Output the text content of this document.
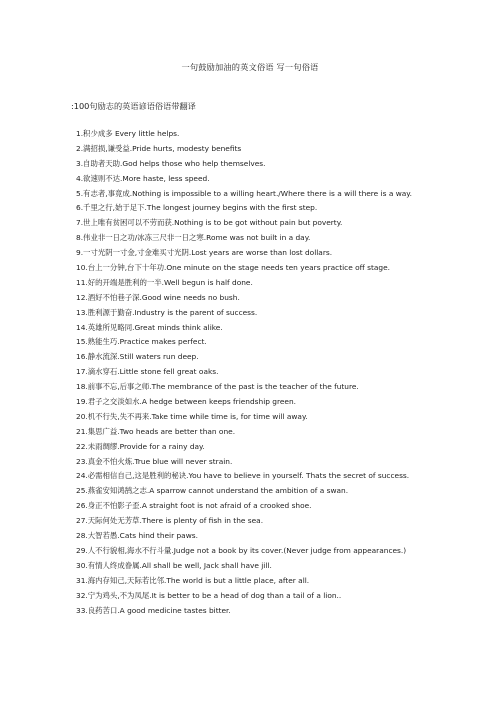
一句鼓励加油的英文俗语 写一句俗语
:100句励志的英语谚语俗语带翻译
1.积少成多 Every little helps.
2.满招损,谦受益.Pride hurts, modesty benefits
3.自助者天助.God helps those who help themselves.
4.欲速则不达.More haste, less speed.
5.有志者,事竟成.Nothing is impossible to a willing heart./Where there is a will there is a way.
6.千里之行,始于足下.The longest journey begins with the first step.
7.世上唯有贫困可以不劳而获.Nothing is to be got without pain but poverty.
8.伟业非一日之功/冰冻三尺非一日之寒.Rome was not built in a day.
9.一寸光阴一寸金,寸金难买寸光阴.Lost years are worse than lost dollars.
10.台上一分钟,台下十年功.One minute on the stage needs ten years practice off stage.
11.好的开端是胜利的一半.Well begun is half done.
12.酒好不怕巷子深.Good wine needs no bush.
13.胜利源于勤奋.Industry is the parent of success.
14.英雄所见略同.Great minds think alike.
15.熟能生巧.Practice makes perfect.
16.静水流深.Still waters run deep.
17.滴水穿石.Little stone fell great oaks.
18.前事不忘,后事之师.The membrance of the past is the teacher of the future.
19.君子之交淡如水.A hedge between keeps friendship green.
20.机不行失,失不再来.Take time while time is, for time will away.
21.集思广益.Two heads are better than one.
22.未雨绸缪.Provide for a rainy day.
23.真金不怕火炼.True blue will never strain.
24.必需相信自己,这是胜利的秘诀.You have to believe in yourself. Thats the secret of success.
25.燕雀安知鸿鹄之志.A sparrow cannot understand the ambition of a swan.
26.身正不怕影子歪.A straight foot is not afraid of a crooked shoe.
27.天际何处无芳草.There is plenty of fish in the sea.
28.大智若愚.Cats hind their paws.
29.人不行貌相,海水不行斗量.Judge not a book by its cover.(Never judge from appearances.)
30.有情人终成眷属.All shall be well, Jack shall have jill.
31.海内存知己,天际若比邻.The world is but a little place, after all.
32.宁为鸡头,不为凤尾.It is better to be a head of dog than a tail of a lion..
33.良药苦口.A good medicine tastes bitter.
